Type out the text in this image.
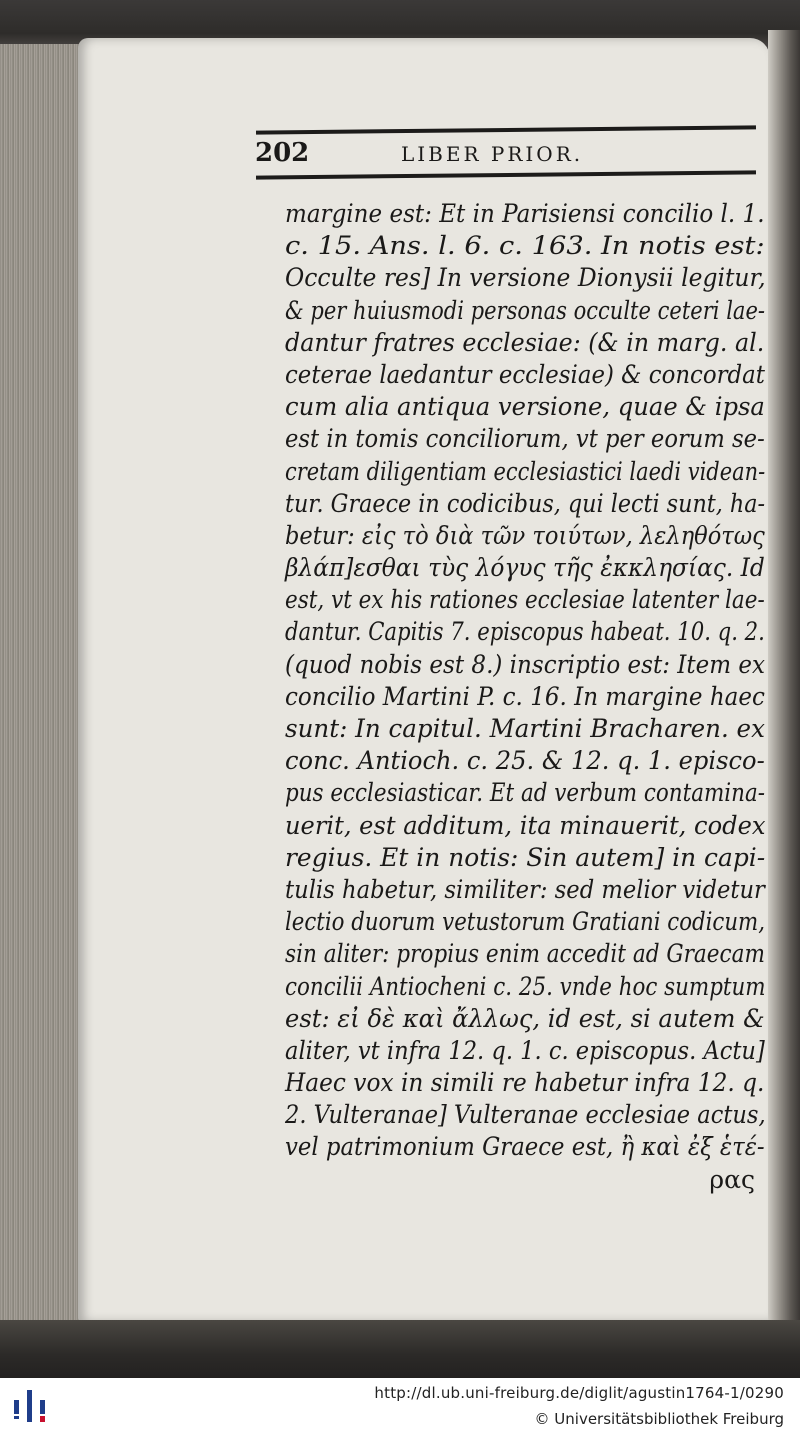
202	LIBER PRIOR.
margine est: Et in Parisiensi concilio l. 1.
c. 15. Ans. l. 6. c. 163. In notis est:
Occulte res] In versione Dionysii legitur,
& per huiusmodi personas occulte ceteri lae-
dantur fratres ecclesiae: (& in marg. al.
ceterae laedantur ecclesiae) & concordat
cum alia antiqua versione, quae & ipsa
est in tomis conciliorum, vt per eorum se-
cretam diligentiam ecclesiastici laedi videan-
tur. Graece in codicibus, qui lecti sunt, ha-
betur: εἰς τὸ διὰ τῶν τοιύτων, λεληθότως
βλάπ]εσθαι τὺς λόγυς τῆς ἐκκλησίας. Id
est, vt ex his rationes ecclesiae latenter lae-
dantur. Capitis 7. episcopus habeat. 10. q. 2.
(quod nobis est 8.) inscriptio est: Item ex
concilio Martini P. c. 16. In margine haec
sunt: In capitul. Martini Bracharen. ex
conc. Antioch. c. 25. & 12. q. 1. episco-
pus ecclesiasticar. Et ad verbum contamina-
uerit, est additum, ita minauerit, codex
regius. Et in notis: Sin autem] in capi-
tulis habetur, similiter: sed melior videtur
lectio duorum vetustorum Gratiani codicum,
sin aliter: propius enim accedit ad Graecam
concilii Antiocheni c. 25. vnde hoc sumptum
est: εἰ δὲ καὶ ἄλλως, id est, si autem &
aliter, vt infra 12. q. 1. c. episcopus. Actu]
Haec vox in simili re habetur infra 12. q.
2. Vulteranae] Vulteranae ecclesiae actus,
vel patrimonium Graece est, ἢ καὶ ἐξ ἑτέ-
ρας
http://dl.ub.uni-freiburg.de/diglit/agustin1764-1/0290
© Universitätsbibliothek Freiburg
